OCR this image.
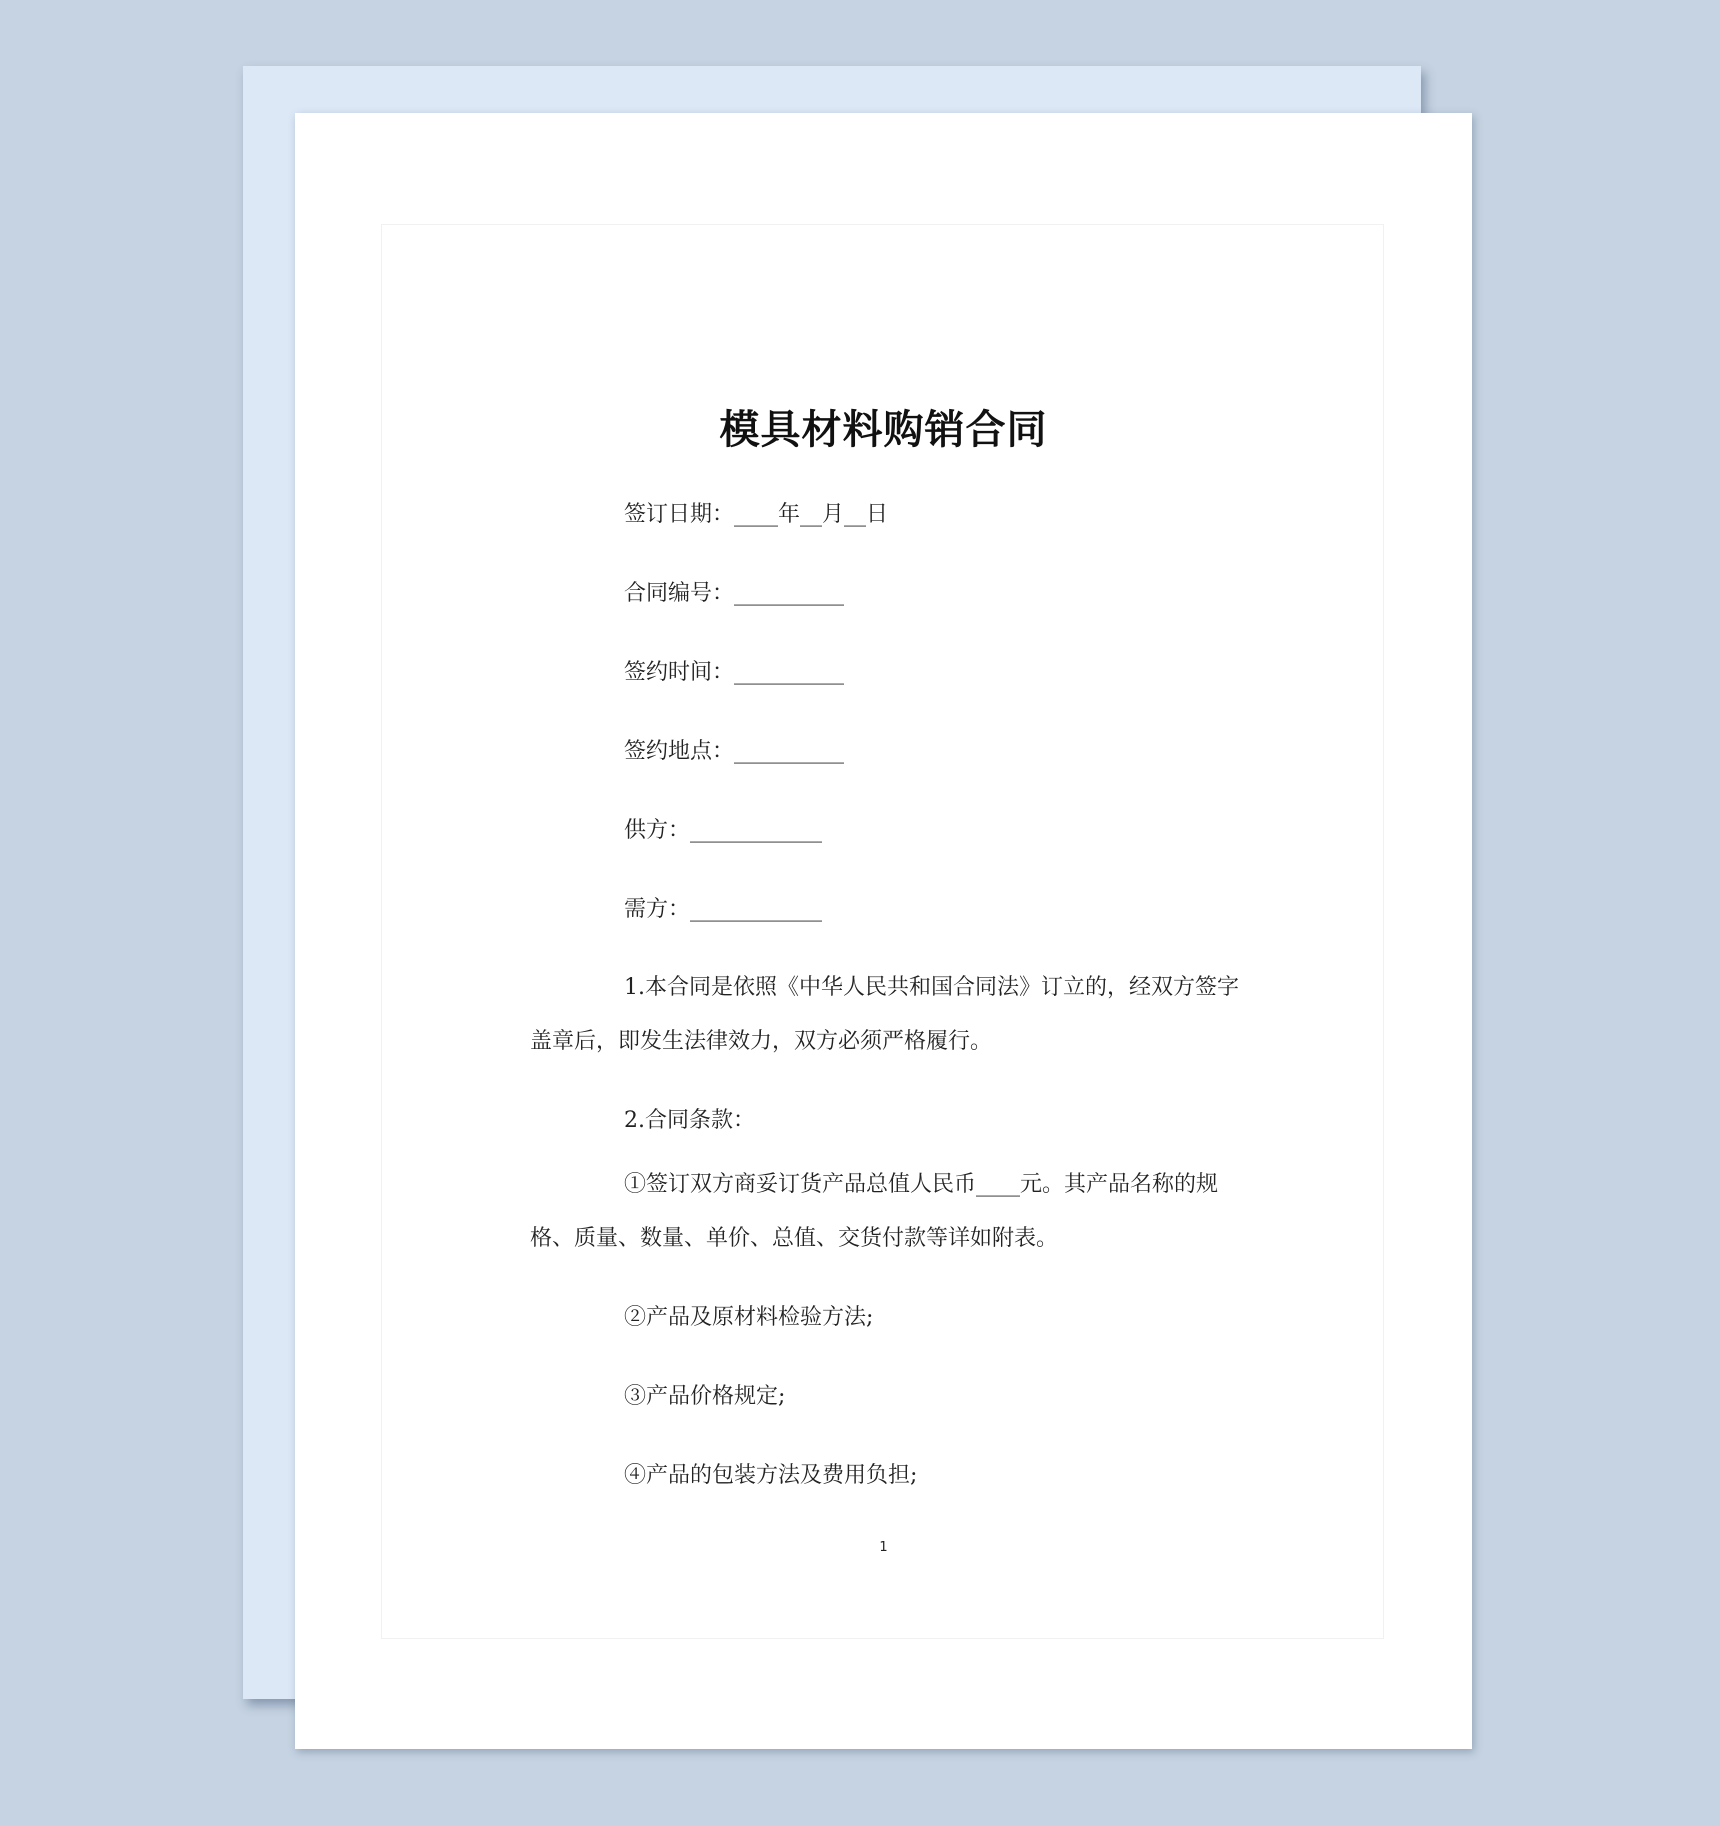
模具材料购销合同

签订日期：____年__月__日

合同编号：__________

签约时间：__________

签约地点：__________

供方：____________

需方：____________

1.本合同是依照《中华人民共和国合同法》订立的，经双方签字盖章后，即发生法律效力，双方必须严格履行。

2.合同条款：

①签订双方商妥订货产品总值人民币____元。其产品名称的规格、质量、数量、单价、总值、交货付款等详如附表。

②产品及原材料检验方法;

③产品价格规定;

④产品的包装方法及费用负担;

1
